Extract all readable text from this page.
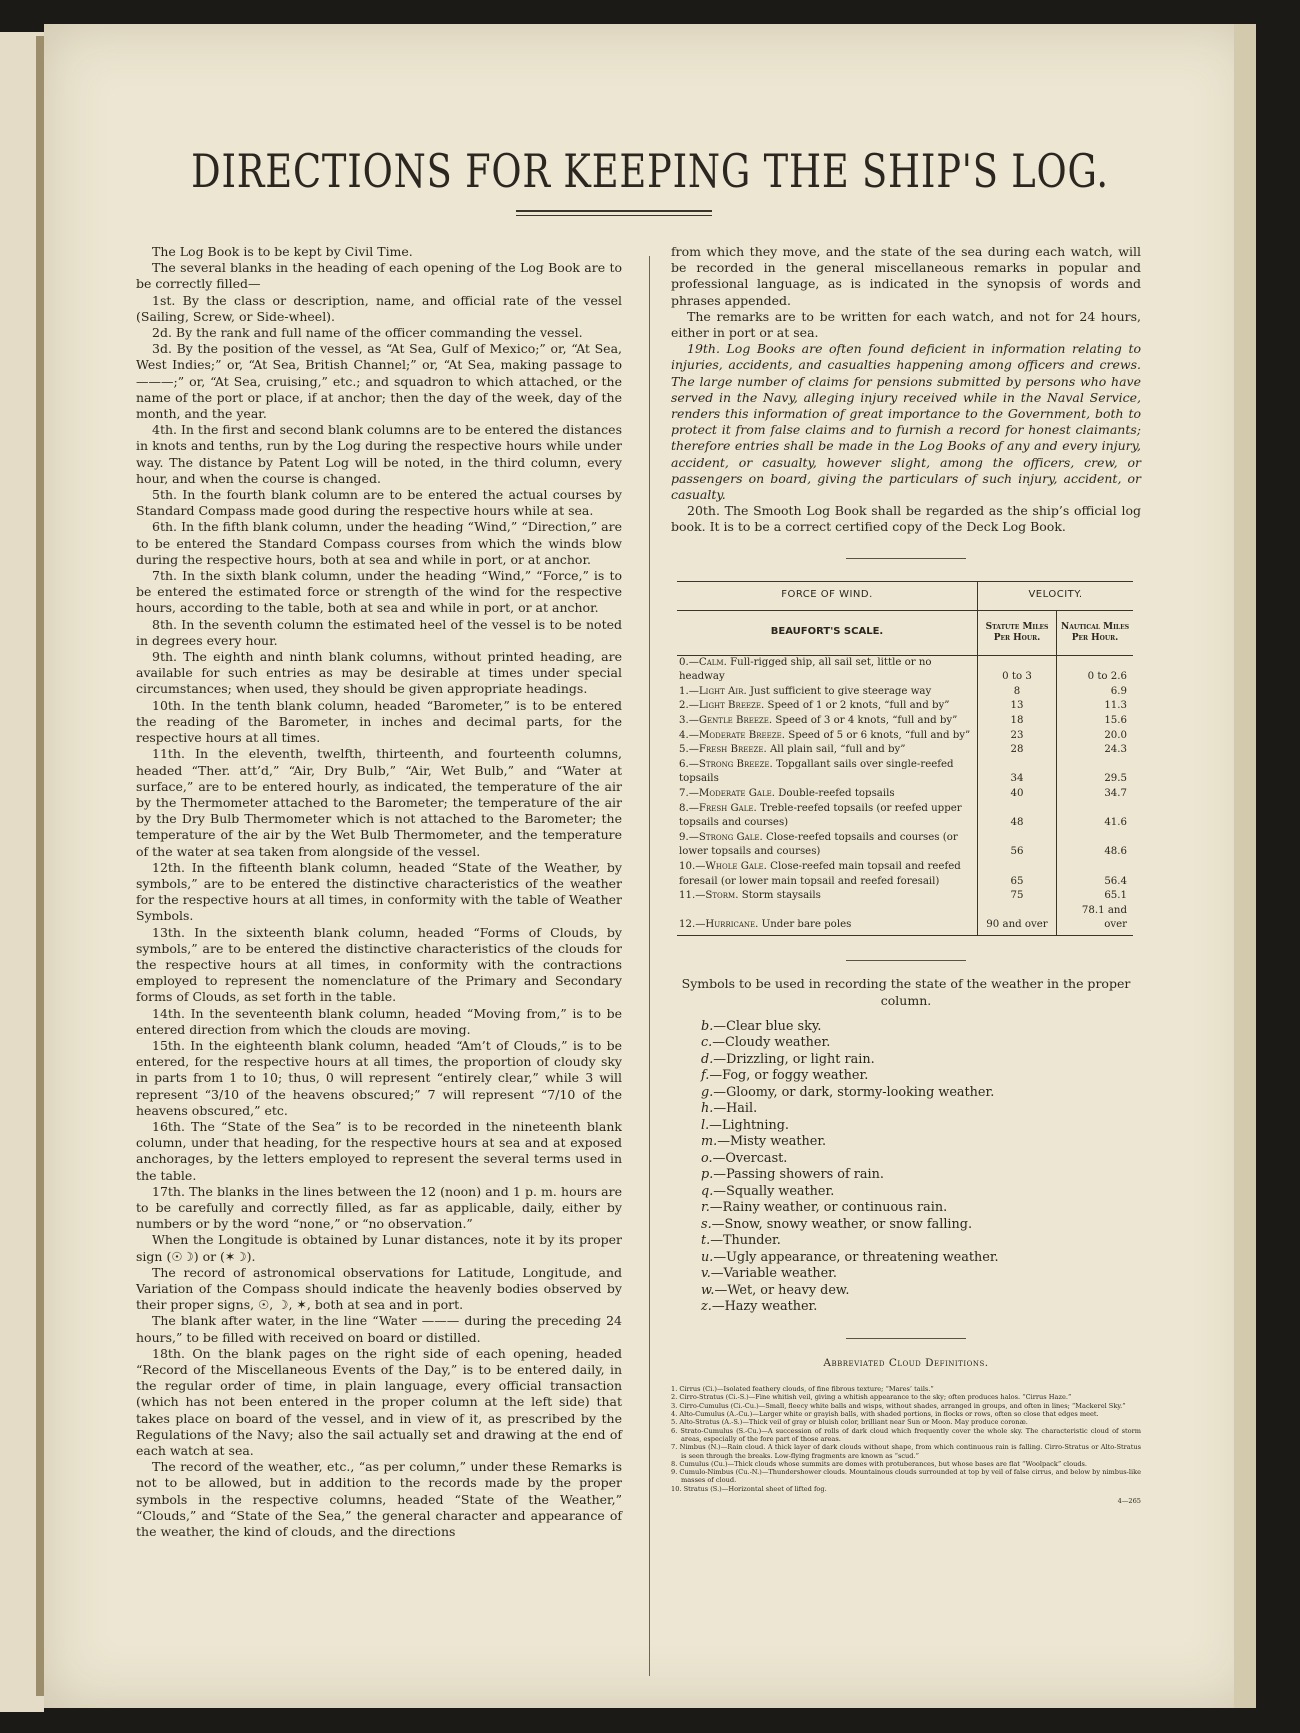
DIRECTIONS FOR KEEPING THE SHIP'S LOG.

The Log Book is to be kept by Civil Time.

The several blanks in the heading of each opening of the Log Book are to be correctly filled—

1st. By the class or description, name, and official rate of the vessel (Sailing, Screw, or Side-wheel).

2d. By the rank and full name of the officer commanding the vessel.

3d. By the position of the vessel, as “At Sea, Gulf of Mexico;” or, “At Sea, West Indies;” or, “At Sea, British Channel;” or, “At Sea, making passage to———;” or, “At Sea, cruising,” etc.; and squadron to which attached, or the name of the port or place, if at anchor; then the day of the week, day of the month, and the year.

4th. In the first and second blank columns are to be entered the distances in knots and tenths, run by the Log during the respective hours while under way. The distance by Patent Log will be noted, in the third column, every hour, and when the course is changed.

5th. In the fourth blank column are to be entered the actual courses by Standard Compass made good during the respective hours while at sea.

6th. In the fifth blank column, under the heading “Wind,” “Direction,” are to be entered the Standard Compass courses from which the winds blow during the respective hours, both at sea and while in port, or at anchor.

7th. In the sixth blank column, under the heading “Wind,” “Force,” is to be entered the estimated force or strength of the wind for the respective hours, according to the table, both at sea and while in port, or at anchor.

8th. In the seventh column the estimated heel of the vessel is to be noted in degrees every hour.

9th. The eighth and ninth blank columns, without printed heading, are available for such entries as may be desirable at times under special circumstances; when used, they should be given appropriate headings.

10th. In the tenth blank column, headed “Barometer,” is to be entered the reading of the Barometer, in inches and decimal parts, for the respective hours at all times.

11th. In the eleventh, twelfth, thirteenth, and fourteenth columns, headed “Ther. att’d,” “Air, Dry Bulb,” “Air, Wet Bulb,” and “Water at surface,” are to be entered hourly, as indicated, the temperature of the air by the Thermometer attached to the Barometer; the temperature of the air by the Dry Bulb Thermometer which is not attached to the Barometer; the temperature of the air by the Wet Bulb Thermometer, and the temperature of the water at sea taken from alongside of the vessel.

12th. In the fifteenth blank column, headed “State of the Weather, by symbols,” are to be entered the distinctive characteristics of the weather for the respective hours at all times, in conformity with the table of Weather Symbols.

13th. In the sixteenth blank column, headed “Forms of Clouds, by symbols,” are to be entered the distinctive characteristics of the clouds for the respective hours at all times, in conformity with the contractions employed to represent the nomenclature of the Primary and Secondary forms of Clouds, as set forth in the table.

14th. In the seventeenth blank column, headed “Moving from,” is to be entered direction from which the clouds are moving.

15th. In the eighteenth blank column, headed “Am’t of Clouds,” is to be entered, for the respective hours at all times, the proportion of cloudy sky in parts from 1 to 10; thus, 0 will represent “entirely clear,” while 3 will represent “3/10 of the heavens obscured;” 7 will represent “7/10 of the heavens obscured,” etc.

16th. The “State of the Sea” is to be recorded in the nineteenth blank column, under that heading, for the respective hours at sea and at exposed anchorages, by the letters employed to represent the several terms used in the table.

17th. The blanks in the lines between the 12 (noon) and 1 p. m. hours are to be carefully and correctly filled, as far as applicable, daily, either by numbers or by the word “none,” or “no observation.”

When the Longitude is obtained by Lunar distances, note it by its proper sign (☉☽) or (✶☽).

The record of astronomical observations for Latitude, Longitude, and Variation of the Compass should indicate the heavenly bodies observed by their proper signs, ☉, ☽, ✶, both at sea and in port.

The blank after water, in the line “Water ——— during the preceding 24 hours,” to be filled with received on board or distilled.

18th. On the blank pages on the right side of each opening, headed “Record of the Miscellaneous Events of the Day,” is to be entered daily, in the regular order of time, in plain language, every official transaction (which has not been entered in the proper column at the left side) that takes place on board of the vessel, and in view of it, as prescribed by the Regulations of the Navy; also the sail actually set and drawing at the end of each watch at sea.

The record of the weather, etc., “as per column,” under these Remarks is not to be allowed, but in addition to the records made by the proper symbols in the respective columns, headed “State of the Weather,” “Clouds,” and “State of the Sea,” the general character and appearance of the weather, the kind of clouds, and the directions

from which they move, and the state of the sea during each watch, will be recorded in the general miscellaneous remarks in popular and professional language, as is indicated in the synopsis of words and phrases appended.

The remarks are to be written for each watch, and not for 24 hours, either in port or at sea.

19th. Log Books are often found deficient in information relating to injuries, accidents, and casualties happening among officers and crews. The large number of claims for pensions submitted by persons who have served in the Navy, alleging injury received while in the Naval Service, renders this information of great importance to the Government, both to protect it from false claims and to furnish a record for honest claimants; therefore entries shall be made in the Log Books of any and every injury, accident, or casualty, however slight, among the officers, crew, or passengers on board, giving the particulars of such injury, accident, or casualty.

20th. The Smooth Log Book shall be regarded as the ship’s official log book. It is to be a correct certified copy of the Deck Log Book.

FORCE OF WIND.	VELOCITY.	
BEAUFORT'S SCALE.	Statute Miles Per Hour.	Nautical Miles Per Hour.
0.—Calm. Full-rigged ship, all sail set, little or no headway	0 to 3	0 to 2.6
1.—Light Air. Just sufficient to give steerage way	8	6.9
2.—Light Breeze. Speed of 1 or 2 knots, “full and by”	13	11.3
3.—Gentle Breeze. Speed of 3 or 4 knots, “full and by”	18	15.6
4.—Moderate Breeze. Speed of 5 or 6 knots, “full and by”	23	20.0
5.—Fresh Breeze. All plain sail, “full and by”	28	24.3
6.—Strong Breeze. Topgallant sails over single-reefed topsails	34	29.5
7.—Moderate Gale. Double-reefed topsails	40	34.7
8.—Fresh Gale. Treble-reefed topsails (or reefed upper topsails and courses)	48	41.6
9.—Strong Gale. Close-reefed topsails and courses (or lower topsails and courses)	56	48.6
10.—Whole Gale. Close-reefed main topsail and reefed foresail (or lower main topsail and reefed foresail)	65	56.4
11.—Storm. Storm staysails	75	65.1
12.—Hurricane. Under bare poles	90 and over	78.1 and over
Symbols to be used in recording the state of the weather in the proper column.
b.—Clear blue sky.
c.—Cloudy weather.
d.—Drizzling, or light rain.
f.—Fog, or foggy weather.
g.—Gloomy, or dark, stormy-looking weather.
h.—Hail.
l.—Lightning.
m.—Misty weather.
o.—Overcast.
p.—Passing showers of rain.
q.—Squally weather.
r.—Rainy weather, or continuous rain.
s.—Snow, snowy weather, or snow falling.
t.—Thunder.
u.—Ugly appearance, or threatening weather.
v.—Variable weather.
w.—Wet, or heavy dew.
z.—Hazy weather.
Abbreviated Cloud Definitions.
1. Cirrus (Ci.)—Isolated feathery clouds, of fine fibrous texture; “Mares’ tails.”
2. Cirro-Stratus (Ci.-S.)—Fine whitish veil, giving a whitish appearance to the sky; often produces halos. “Cirrus Haze.”
3. Cirro-Cumulus (Ci.-Cu.)—Small, fleecy white balls and wisps, without shades, arranged in groups, and often in lines; “Mackerel Sky.”
4. Alto-Cumulus (A.-Cu.)—Larger white or grayish balls, with shaded portions, in flocks or rows, often so close that edges meet.
5. Alto-Stratus (A.-S.)—Thick veil of gray or bluish color, brilliant near Sun or Moon. May produce coronæ.
6. Strato-Cumulus (S.-Cu.)—A succession of rolls of dark cloud which frequently cover the whole sky. The characteristic cloud of storm areas, especially of the fore part of those areas.
7. Nimbus (N.)—Rain cloud. A thick layer of dark clouds without shape, from which continuous rain is falling. Cirro-Stratus or Alto-Stratus is seen through the breaks. Low-flying fragments are known as “scud.”
8. Cumulus (Cu.)—Thick clouds whose summits are domes with protuberances, but whose bases are flat “Woolpack” clouds.
9. Cumulo-Nimbus (Cu.-N.)—Thundershower clouds. Mountainous clouds surrounded at top by veil of false cirrus, and below by nimbus-like masses of cloud.
10. Stratus (S.)—Horizontal sheet of lifted fog.
4—265
